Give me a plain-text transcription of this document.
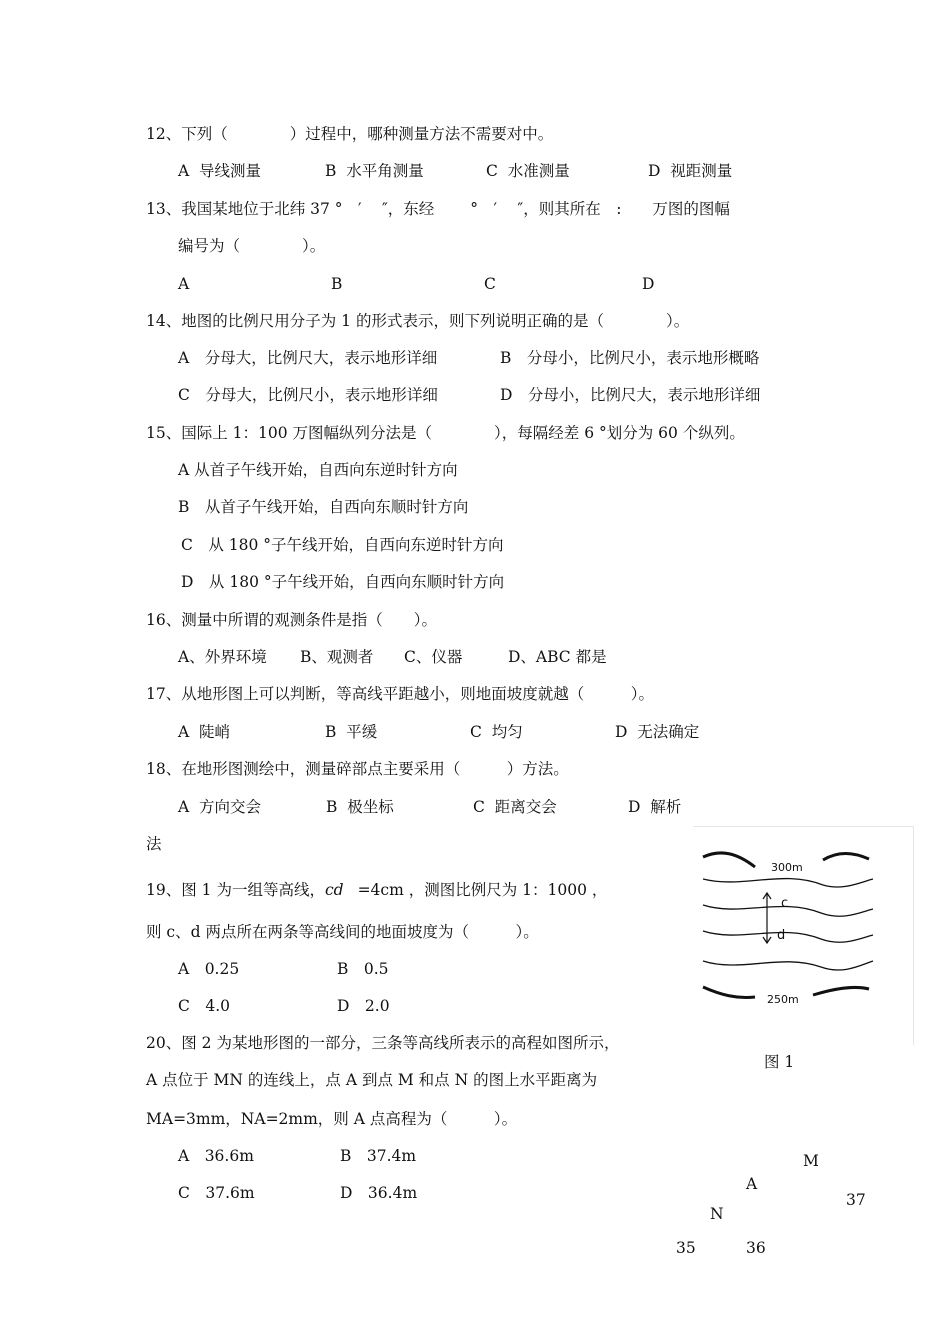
12、下列（　　　　）过程中，哪种测量方法不需要对中。
A  导线测量	B  水平角测量	C  水准测量	D  视距测量
13、我国某地位于北纬 37 °　′　 ″，东经　　 °　′　 ″，则其所在　:　　万图的图幅
编号为（　　　　）。
A	B	C	D
14、地图的比例尺用分子为 1 的形式表示，则下列说明正确的是（　　　　）。
A　分母大，比例尺大，表示地形详细	B　分母小，比例尺小，表示地形概略
C　分母大，比例尺小，表示地形详细	D　分母小，比例尺大，表示地形详细
15、国际上 1：100 万图幅纵列分法是（　　　　），每隔经差 6 °划分为 60 个纵列。
A 从首子午线开始，自西向东逆时针方向
B　从首子午线开始，自西向东顺时针方向
C　从 180 °子午线开始，自西向东逆时针方向
D　从 180 °子午线开始，自西向东顺时针方向
16、测量中所谓的观测条件是指（　　）。
A、外界环境 B、观测者 C、仪器	D、ABC 都是
17、从地形图上可以判断，等高线平距越小，则地面坡度就越（　　　）。
A  陡峭	B  平缓	C  均匀	D  无法确定
18、在地形图测绘中，测量碎部点主要采用（　　　）方法。
A  方向交会	B  极坐标	C  距离交会	D  解析
法
19、图 1 为一组等高线，cd =4cm ，测图比例尺为 1：1000 ，
则 c、d 两点所在两条等高线间的地面坡度为（　　　）。
A　0.25	B　0.5
C　4.0	D　2.0
20、图 2 为某地形图的一部分，三条等高线所表示的高程如图所示，
A 点位于 MN 的连线上，点 A 到点 M 和点 N 的图上水平距离为
MA=3mm，NA=2mm，则 A 点高程为（　　　）。
A　36.6m	B　37.4m
C　37.6m	D　36.4m
300m
c
d
250m
图 1
M
A
37
N
35	36
